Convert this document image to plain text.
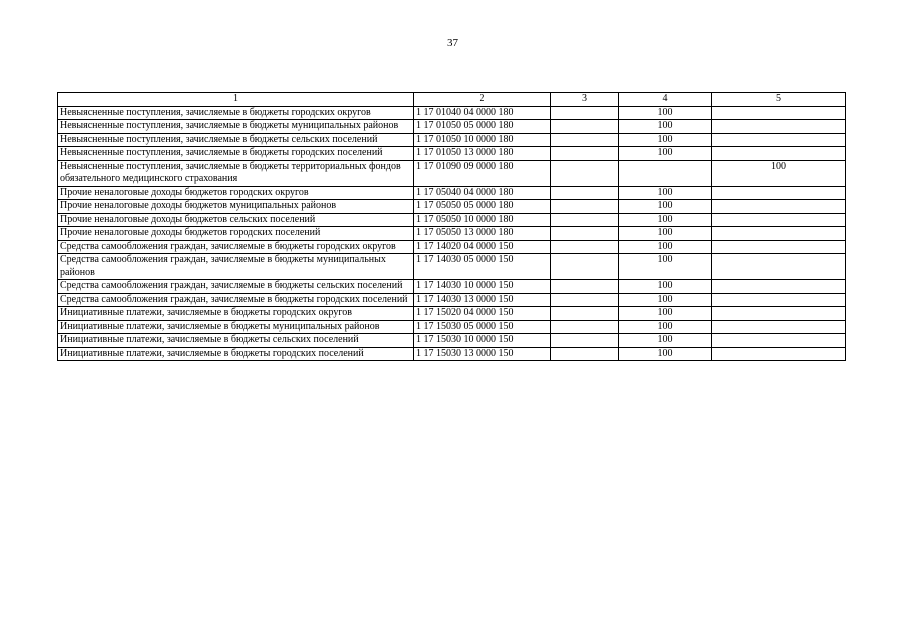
37
1	2	3	4	5
Невыясненные поступления, зачисляемые в бюджеты городских округов	1 17 01040 04 0000 180		100	
Невыясненные поступления, зачисляемые в бюджеты муниципальных районов	1 17 01050 05 0000 180		100	
Невыясненные поступления, зачисляемые в бюджеты сельских поселений	1 17 01050 10 0000 180		100	
Невыясненные поступления, зачисляемые в бюджеты городских поселений	1 17 01050 13 0000 180		100	
Невыясненные поступления, зачисляемые в бюджеты территориальных фондов обязательного медицинского страхования	1 17 01090 09 0000 180			100
Прочие неналоговые доходы бюджетов городских округов	1 17 05040 04 0000 180		100	
Прочие неналоговые доходы бюджетов муниципальных районов	1 17 05050 05 0000 180		100	
Прочие неналоговые доходы бюджетов сельских поселений	1 17 05050 10 0000 180		100	
Прочие неналоговые доходы бюджетов городских поселений	1 17 05050 13 0000 180		100	
Средства самообложения граждан, зачисляемые в бюджеты городских округов	1 17 14020 04 0000 150		100	
Средства самообложения граждан, зачисляемые в бюджеты муниципальных районов	1 17 14030 05 0000 150		100	
Средства самообложения граждан, зачисляемые в бюджеты сельских поселений	1 17 14030 10 0000 150		100	
Средства самообложения граждан, зачисляемые в бюджеты городских поселений	1 17 14030 13 0000 150		100	
Инициативные платежи, зачисляемые в бюджеты городских округов	1 17 15020 04 0000 150		100	
Инициативные платежи, зачисляемые в бюджеты муниципальных районов	1 17 15030 05 0000 150		100	
Инициативные платежи, зачисляемые в бюджеты сельских поселений	1 17 15030 10 0000 150		100	
Инициативные платежи, зачисляемые в бюджеты городских поселений	1 17 15030 13 0000 150		100	
